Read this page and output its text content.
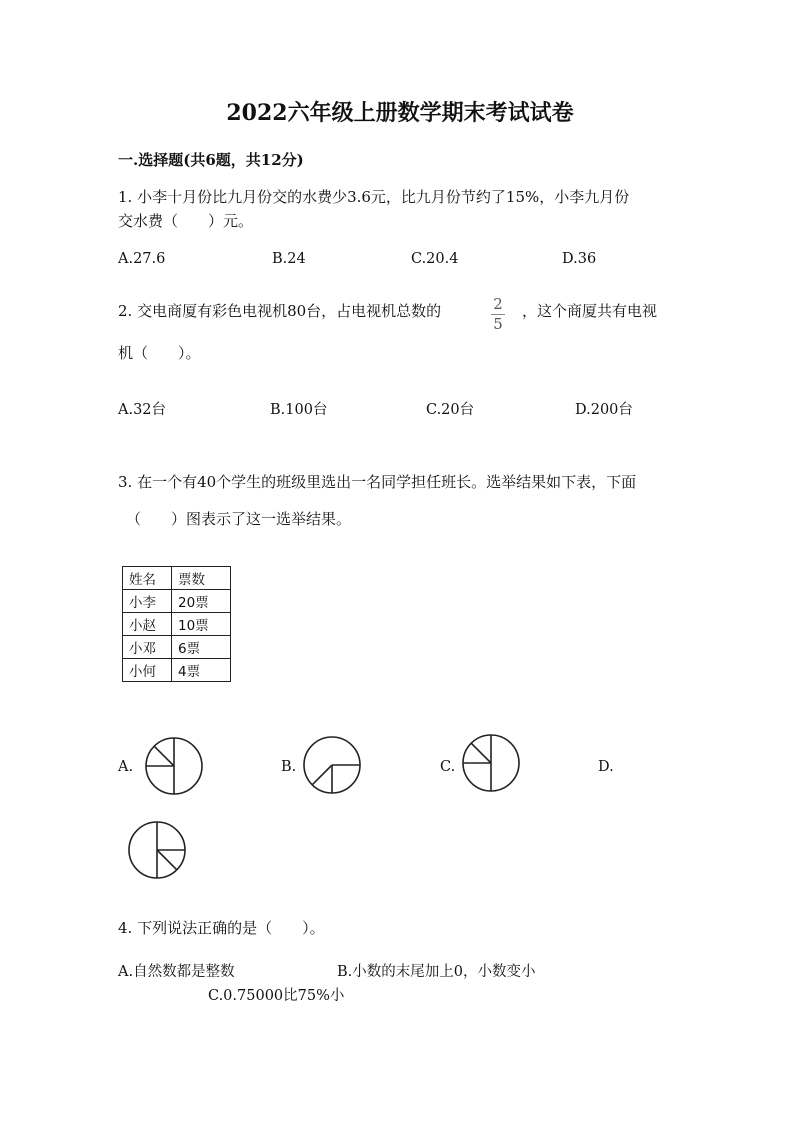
2022六年级上册数学期末考试试卷
一.选择题(共6题，共12分)
1. 小李十月份比九月份交的水费少3.6元，比九月份节约了15%，小李九月份
交水费（　　）元。
A.27.6	B.24	C.20.4	D.36
2. 交电商厦有彩色电视机80台，占电视机总数的	2
5
，这个商厦共有电视
机（　　）。
A.32台	B.100台	C.20台	D.200台
3. 在一个有40个学生的班级里选出一名同学担任班长。选举结果如下表，下面
（　　）图表示了这一选举结果。
姓名	票数
小李	20票
小赵	10票
小邓	6票
小何	4票
A.	B.	C.	D.
4. 下列说法正确的是（　　）。
A.自然数都是整数	B.小数的末尾加上0，小数变小
C.0.75000比75%小
